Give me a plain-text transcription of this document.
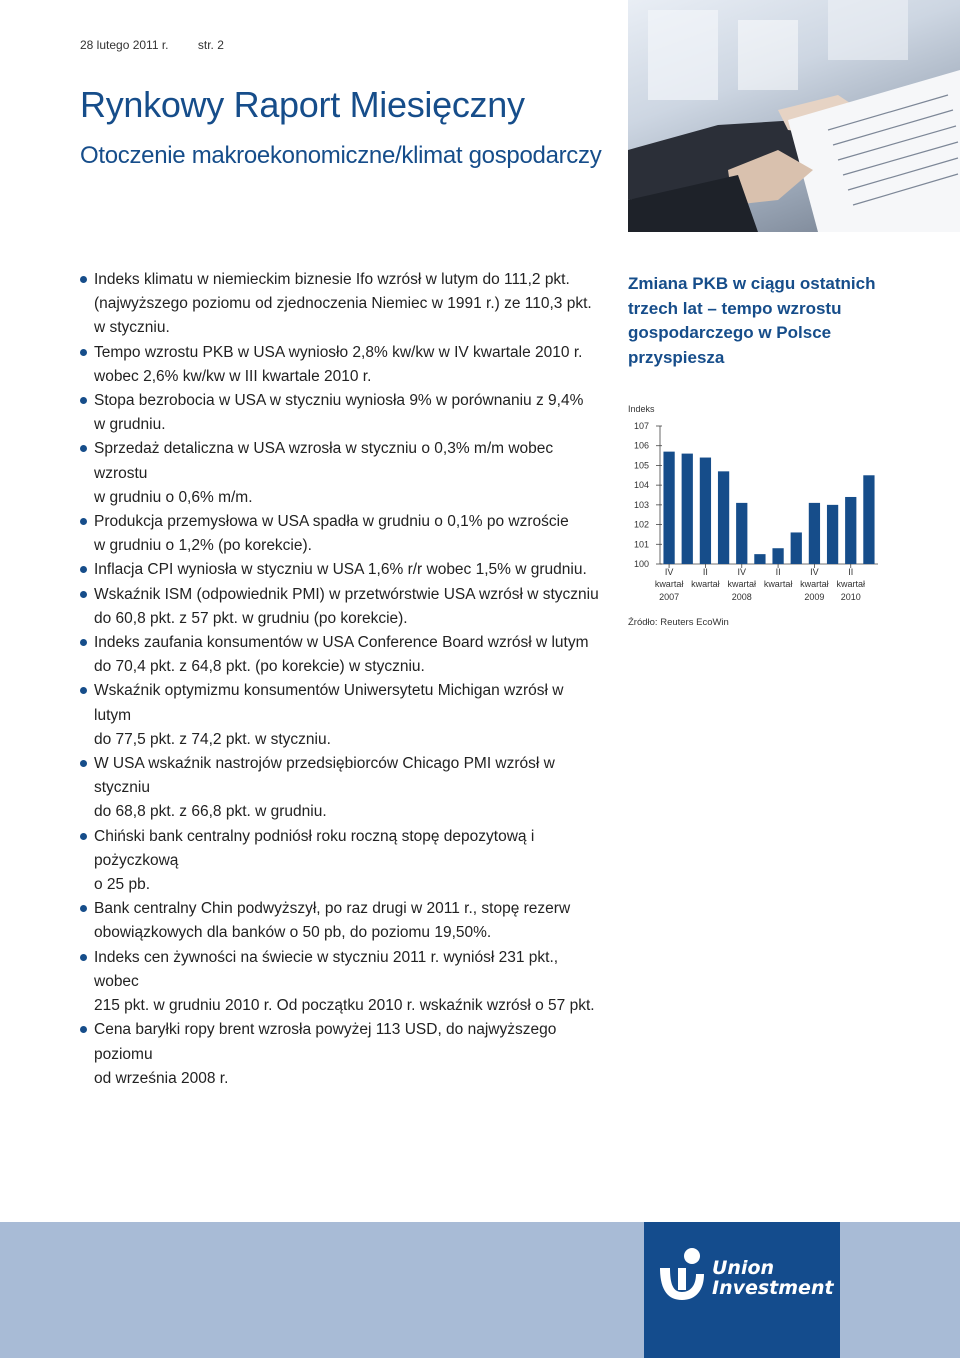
28 lutego 2011 r. str. 2
Rynkowy Raport Miesięczny
Otoczenie makroekonomiczne/klimat gospodarczy
Indeks klimatu w niemieckim biznesie Ifo wzrósł w lutym do 111,2 pkt.
(najwyższego poziomu od zjednoczenia Niemiec w 1991 r.) ze 110,3 pkt.
w styczniu.
Tempo wzrostu PKB w USA wyniosło 2,8% kw/kw w IV kwartale 2010 r.
wobec 2,6% kw/kw w III kwartale 2010 r.
Stopa bezrobocia w USA w styczniu wyniosła 9% w porównaniu z 9,4%
w grudniu.
Sprzedaż detaliczna w USA wzrosła w styczniu o 0,3% m/m wobec wzrostu
w grudniu o 0,6% m/m.
Produkcja przemysłowa w USA spadła w grudniu o 0,1% po wzroście
w grudniu o 1,2% (po korekcie).
Inflacja CPI wyniosła w styczniu w USA 1,6% r/r wobec 1,5% w grudniu.
Wskaźnik ISM (odpowiednik PMI) w przetwórstwie USA wzrósł w styczniu
do 60,8 pkt. z 57 pkt. w grudniu (po korekcie).
Indeks zaufania konsumentów w USA Conference Board wzrósł w lutym
do 70,4 pkt. z 64,8 pkt. (po korekcie) w styczniu.
Wskaźnik optymizmu konsumentów Uniwersytetu Michigan wzrósł w lutym
do 77,5 pkt. z 74,2 pkt. w styczniu.
W USA wskaźnik nastrojów przedsiębiorców Chicago PMI wzrósł w styczniu
do 68,8 pkt. z 66,8 pkt. w grudniu.
Chiński bank centralny podniósł roku roczną stopę depozytową i pożyczkową
o 25 pb.
Bank centralny Chin podwyższył, po raz drugi w 2011 r., stopę rezerw
obowiązkowych dla banków o 50 pb, do poziomu 19,50%.
Indeks cen żywności na świecie w styczniu 2011 r. wyniósł 231 pkt., wobec
215 pkt. w grudniu 2010 r. Od początku 2010 r. wskaźnik wzrósł o 57 pkt.
Cena baryłki ropy brent wzrosła powyżej 113 USD, do najwyższego poziomu
od września 2008 r.
Zmiana PKB w ciągu ostatnich trzech lat – tempo wzrostu gospodarczego w Polsce przyspiesza
Indeks
100
101
102
103
104
105
106
107
IV
kwartał
2007
II
kwartał
IV
kwartał
2008
II
kwartał
IV
kwartał
2009
II
kwartał
2010
Źródło: Reuters EcoWin
Union
Investment
